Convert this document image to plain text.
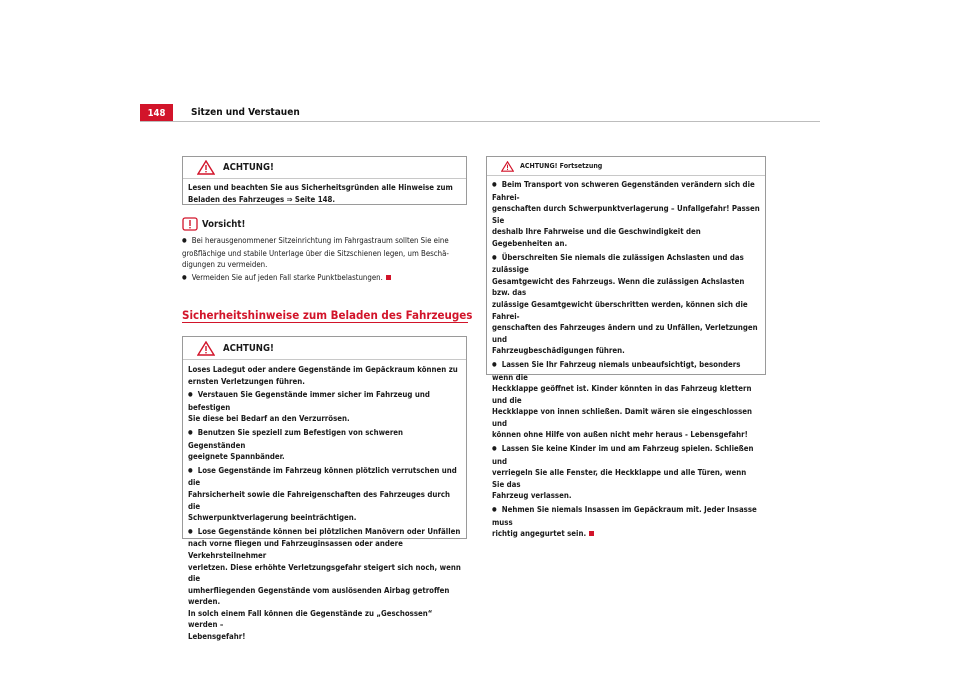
148	Sitzen und Verstauen
ACHTUNG!
Lesen und beachten Sie aus Sicherheitsgründen alle Hinweise zum
Beladen des Fahrzeuges ⇒ Seite 148.
Vorsicht!

● Bei herausgenommener Sitzeinrichtung im Fahrgastraum sollten Sie eine
großflächige und stabile Unterlage über die Sitzschienen legen, um Beschä-
digungen zu vermeiden.

● Vermeiden Sie auf jeden Fall starke Punktbelastungen.

Sicherheitshinweise zum Beladen des Fahrzeuges
ACHTUNG!

Loses Ladegut oder andere Gegenstände im Gepäckraum können zu
ernsten Verletzungen führen.

● Verstauen Sie Gegenstände immer sicher im Fahrzeug und befestigen
Sie diese bei Bedarf an den Verzurrösen.

● Benutzen Sie speziell zum Befestigen von schweren Gegenständen
geeignete Spannbänder.

● Lose Gegenstände im Fahrzeug können plötzlich verrutschen und die
Fahrsicherheit sowie die Fahreigenschaften des Fahrzeuges durch die
Schwerpunktverlagerung beeinträchtigen.

● Lose Gegenstände können bei plötzlichen Manövern oder Unfällen
nach vorne fliegen und Fahrzeuginsassen oder andere Verkehrsteilnehmer
verletzen. Diese erhöhte Verletzungsgefahr steigert sich noch, wenn die
umherfliegenden Gegenstände vom auslösenden Airbag getroffen werden.
In solch einem Fall können die Gegenstände zu „Geschossen“ werden –
Lebensgefahr!

ACHTUNG! Fortsetzung

● Beim Transport von schweren Gegenständen verändern sich die Fahrei-
genschaften durch Schwerpunktverlagerung – Unfallgefahr! Passen Sie
deshalb Ihre Fahrweise und die Geschwindigkeit den Gegebenheiten an.

● Überschreiten Sie niemals die zulässigen Achslasten und das zulässige
Gesamtgewicht des Fahrzeugs. Wenn die zulässigen Achslasten bzw. das
zulässige Gesamtgewicht überschritten werden, können sich die Fahrei-
genschaften des Fahrzeuges ändern und zu Unfällen, Verletzungen und
Fahrzeugbeschädigungen führen.

● Lassen Sie Ihr Fahrzeug niemals unbeaufsichtigt, besonders wenn die
Heckklappe geöffnet ist. Kinder könnten in das Fahrzeug klettern und die
Heckklappe von innen schließen. Damit wären sie eingeschlossen und
können ohne Hilfe von außen nicht mehr heraus - Lebensgefahr!

● Lassen Sie keine Kinder im und am Fahrzeug spielen. Schließen und
verriegeln Sie alle Fenster, die Heckklappe und alle Türen, wenn Sie das
Fahrzeug verlassen.

● Nehmen Sie niemals Insassen im Gepäckraum mit. Jeder Insasse muss
richtig angegurtet sein.
